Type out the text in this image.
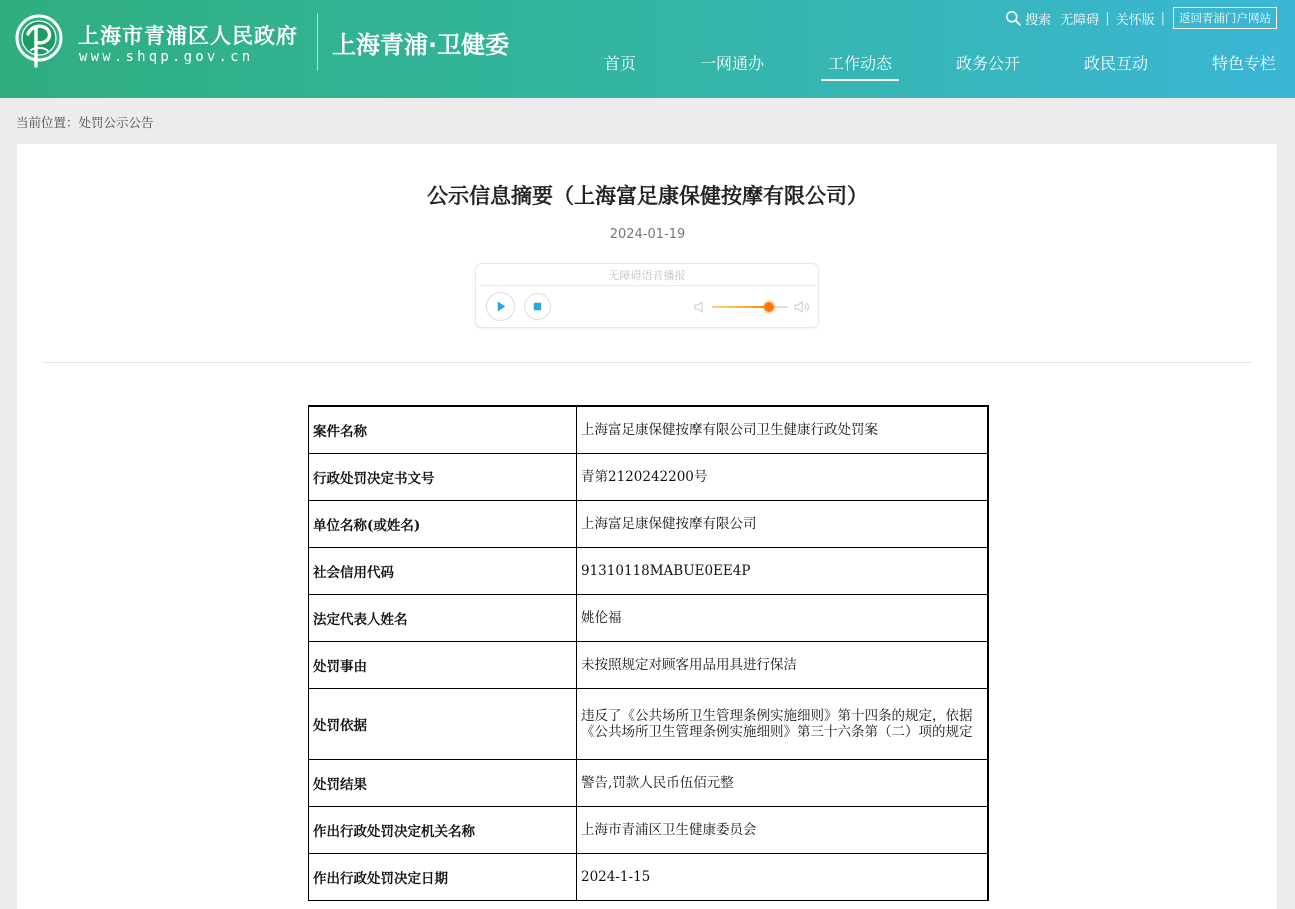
上海市青浦区人民政府
www.shqp.gov.cn	上海青浦·卫健委
搜索 无障碍 | 关怀版 |	返回青浦门户网站
首页	一网通办	工作动态	政务公开	政民互动	特色专栏
当前位置：处罚公示公告
公示信息摘要（上海富足康保健按摩有限公司）
2024-01-19
无障碍语音播报
案件名称	上海富足康保健按摩有限公司卫生健康行政处罚案
行政处罚决定书文号	青第2120242200号
单位名称(或姓名)	上海富足康保健按摩有限公司
社会信用代码	91310118MABUE0EE4P
法定代表人姓名	姚伦福
处罚事由	未按照规定对顾客用品用具进行保洁
处罚依据	违反了《公共场所卫生管理条例实施细则》第十四条的规定，依据《公共场所卫生管理条例实施细则》第三十六条第（二）项的规定
处罚结果	警告,罚款人民币伍佰元整
作出行政处罚决定机关名称	上海市青浦区卫生健康委员会
作出行政处罚决定日期	2024-1-15
